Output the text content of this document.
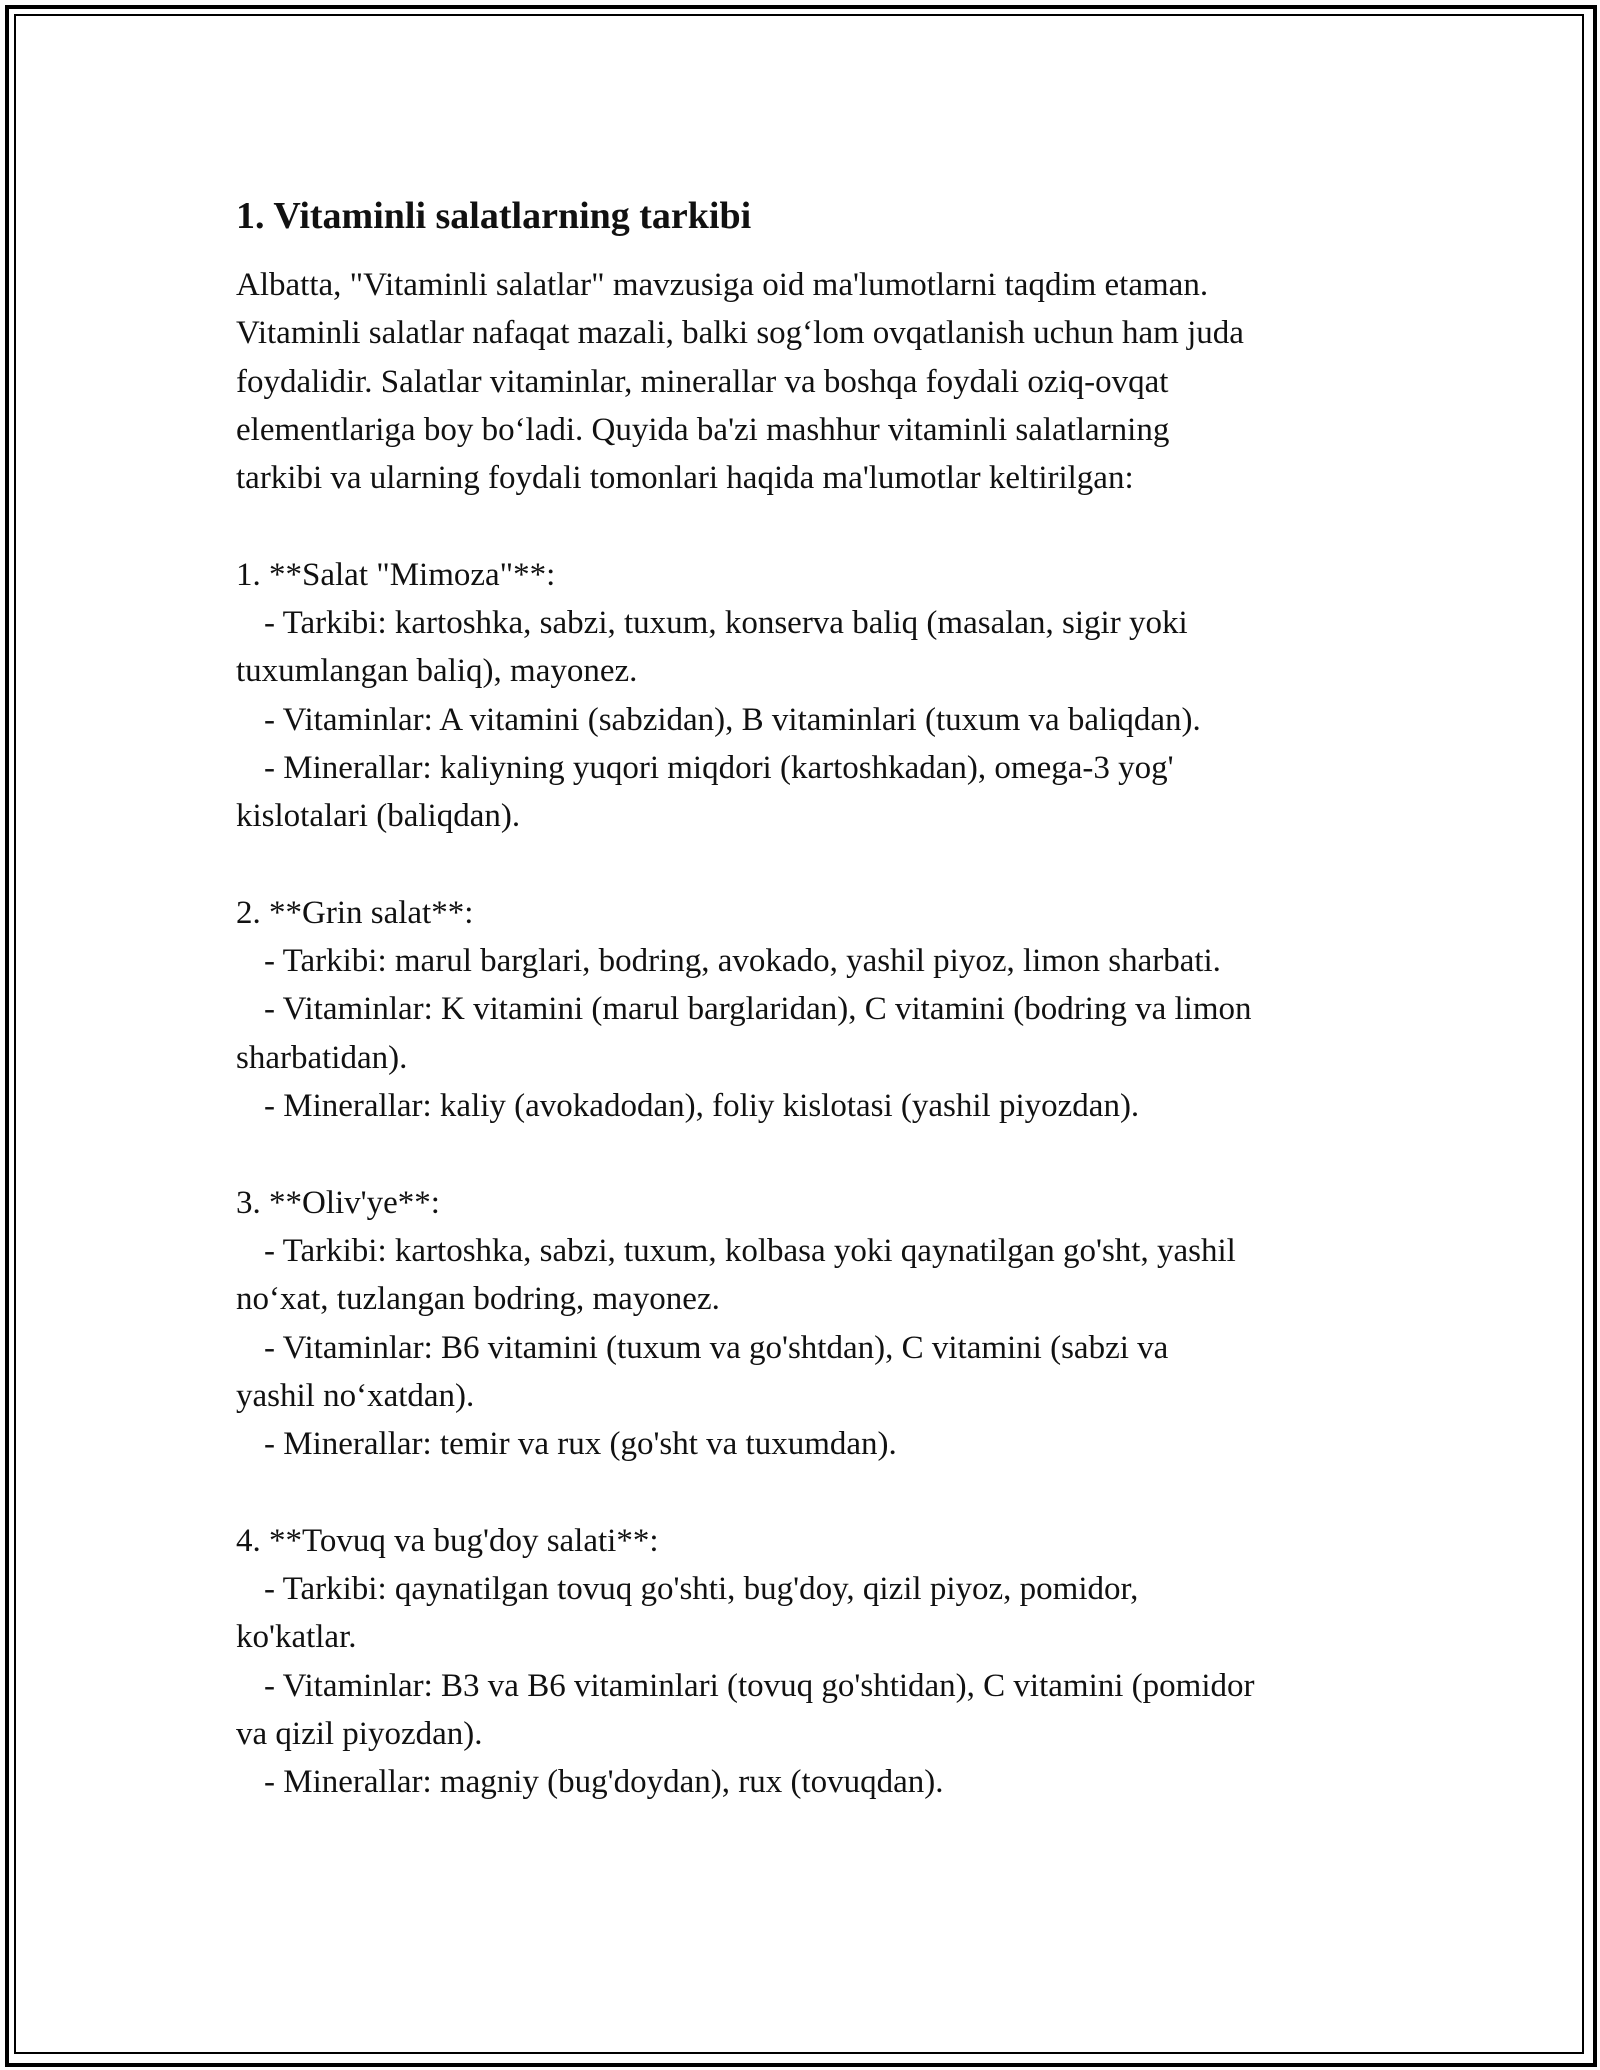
1. Vitaminli salatlarning tarkibi
Albatta, "Vitaminli salatlar" mavzusiga oid ma'lumotlarni taqdim etaman.
Vitaminli salatlar nafaqat mazali, balki sog‘lom ovqatlanish uchun ham juda
foydalidir. Salatlar vitaminlar, minerallar va boshqa foydali oziq-ovqat
elementlariga boy bo‘ladi. Quyida ba'zi mashhur vitaminli salatlarning
tarkibi va ularning foydali tomonlari haqida ma'lumotlar keltirilgan:
1. **Salat "Mimoza"**:
- Tarkibi: kartoshka, sabzi, tuxum, konserva baliq (masalan, sigir yoki
tuxumlangan baliq), mayonez.
- Vitaminlar: A vitamini (sabzidan), B vitaminlari (tuxum va baliqdan).
- Minerallar: kaliyning yuqori miqdori (kartoshkadan), omega-3 yog'
kislotalari (baliqdan).
2. **Grin salat**:
- Tarkibi: marul barglari, bodring, avokado, yashil piyoz, limon sharbati.
- Vitaminlar: K vitamini (marul barglaridan), C vitamini (bodring va limon
sharbatidan).
- Minerallar: kaliy (avokadodan), foliy kislotasi (yashil piyozdan).
3. **Oliv'ye**:
- Tarkibi: kartoshka, sabzi, tuxum, kolbasa yoki qaynatilgan go'sht, yashil
no‘xat, tuzlangan bodring, mayonez.
- Vitaminlar: B6 vitamini (tuxum va go'shtdan), C vitamini (sabzi va
yashil no‘xatdan).
- Minerallar: temir va rux (go'sht va tuxumdan).
4. **Tovuq va bug'doy salati**:
- Tarkibi: qaynatilgan tovuq go'shti, bug'doy, qizil piyoz, pomidor,
ko'katlar.
- Vitaminlar: B3 va B6 vitaminlari (tovuq go'shtidan), C vitamini (pomidor
va qizil piyozdan).
- Minerallar: magniy (bug'doydan), rux (tovuqdan).
